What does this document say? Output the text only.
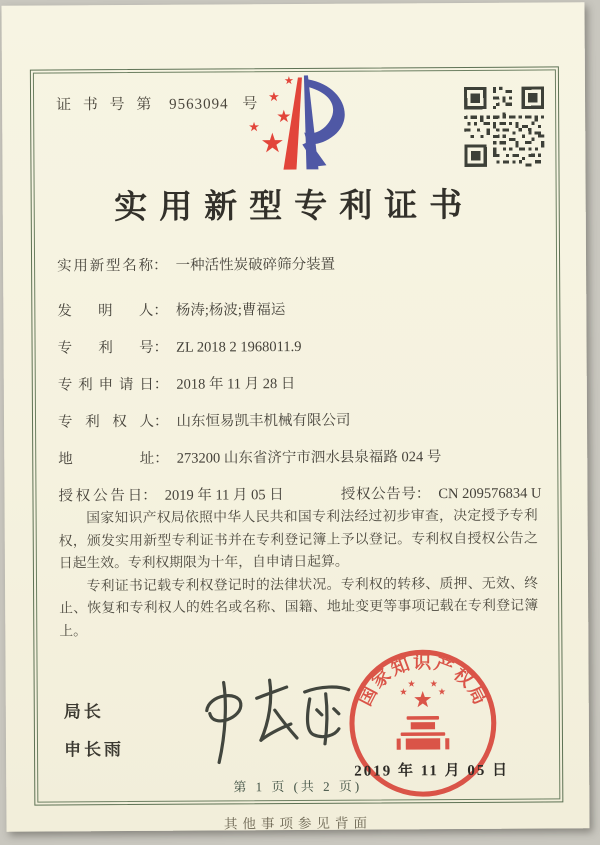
证 书 号 第 9563094 号
★
★
★
★
★
实用新型专利证书
实用新型名称 ： 一种活性炭破碎筛分装置
发明人 ： 杨涛;杨波;曹福运
专利号 ： ZL 2018 2 1968011.9
专利申请日 ： 2018 年 11 月 28 日
专利权人 ： 山东恒易凯丰机械有限公司
地址 ： 273200 山东省济宁市泗水县泉福路 024 号
授权公告日 ： 2019 年 11 月 05 日	授权公告号 ： CN 209576834 U

国家知识产权局依照中华人民共和国专利法经过初步审查，决定授予专利权，颁发实用新型专利证书并在专利登记簿上予以登记。专利权自授权公告之日起生效。专利权期限为十年，自申请日起算。

专利证书记载专利权登记时的法律状况。专利权的转移、质押、无效、终止、恢复和专利权人的姓名或名称、国籍、地址变更等事项记载在专利登记簿上。

局长
申长雨
国家知识产权局
2019 年 11 月 05 日
第 1 页 (共 2 页)
其他事项参见背面
